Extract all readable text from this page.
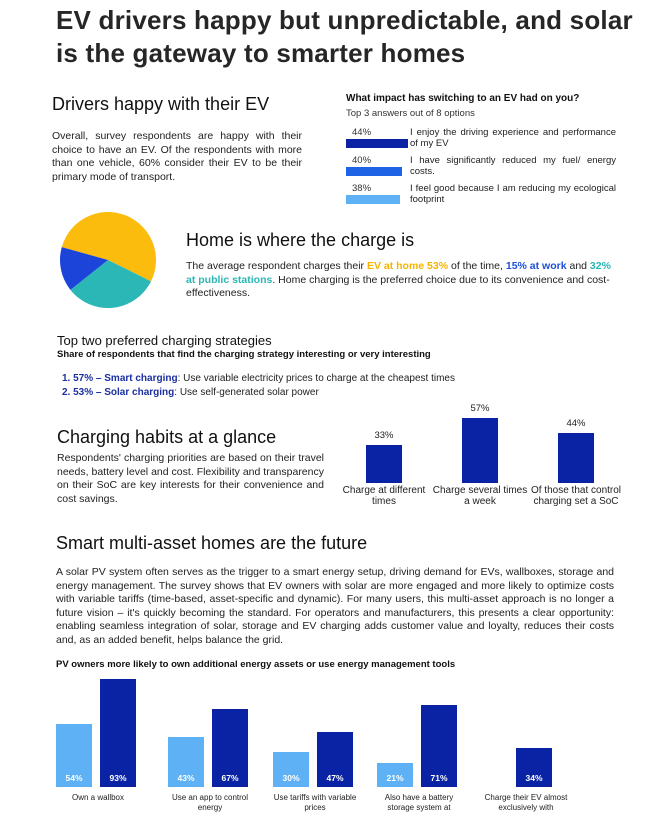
EV drivers happy but unpredictable, and solar is the gateway to smarter homes
Drivers happy with their EV
Overall, survey respondents are happy with their choice to have an EV. Of the respondents with more than one vehicle, 60% consider their EV to be their primary mode of transport.
What impact has switching to an EV had on you?
Top 3 answers out of 8 options
44%	I enjoy the driving experience and performance of my EV
40%	I have significantly reduced my fuel/ energy costs.
38%	I feel good because I am reducing my ecological footprint
Home is where the charge is
The average respondent charges their EV at home 53% of the time, 15% at work and 32% at public stations. Home charging is the preferred choice due to its convenience and cost-effectiveness.
Top two preferred charging strategies
Share of respondents that find the charging strategy interesting or very interesting
1. 57% – Smart charging: Use variable electricity prices to charge at the cheapest times
2. 53% – Solar charging: Use self-generated solar power
Charging habits at a glance
Respondents' charging priorities are based on their travel needs, battery level and cost. Flexibility and transparency on their SoC are key interests for their convenience and cost savings.
33%
Charge at different times
57%
Charge several times a week
44%
Of those that control charging set a SoC
Smart multi-asset homes are the future
A solar PV system often serves as the trigger to a smart energy setup, driving demand for EVs, wallboxes, storage and energy management. The survey shows that EV owners with solar are more engaged and more likely to optimize costs with variable tariffs (time-based, asset-specific and dynamic). For many users, this multi-asset approach is no longer a future vision – it's quickly becoming the standard. For operators and manufacturers, this presents a clear opportunity: enabling seamless integration of solar, storage and EV charging adds customer value and loyalty, reduces their costs and, as an added benefit, helps balance the grid.
PV owners more likely to own additional energy assets or use energy management tools
54%	93%
Own a wallbox
43%	67%
Use an app to control energy
30%	47%
Use tariffs with variable prices
21%	71%
Also have a battery storage system at
34%
Charge their EV almost exclusively with
